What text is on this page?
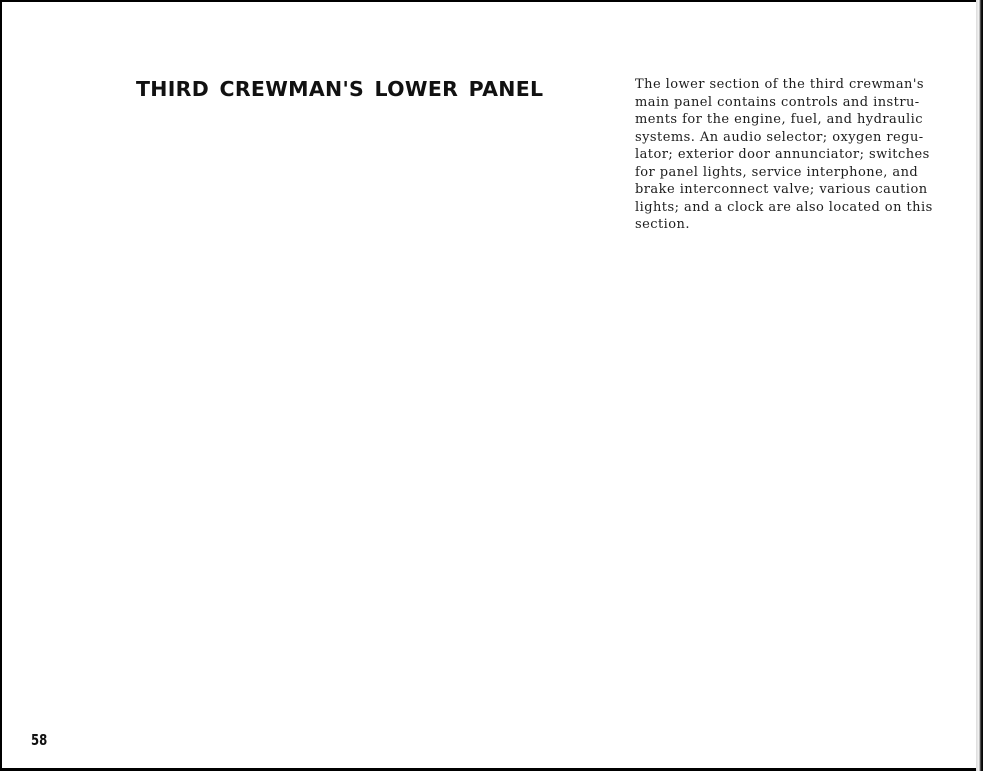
THIRD CREWMAN'S LOWER PANEL	The lower section of the third crewman's
main panel contains controls and instru-
ments for the engine, fuel, and hydraulic
systems. An audio selector; oxygen regu-
lator; exterior door annunciator; switches
for panel lights, service interphone, and
brake interconnect valve; various caution
lights; and a clock are also located on this
section.

58
